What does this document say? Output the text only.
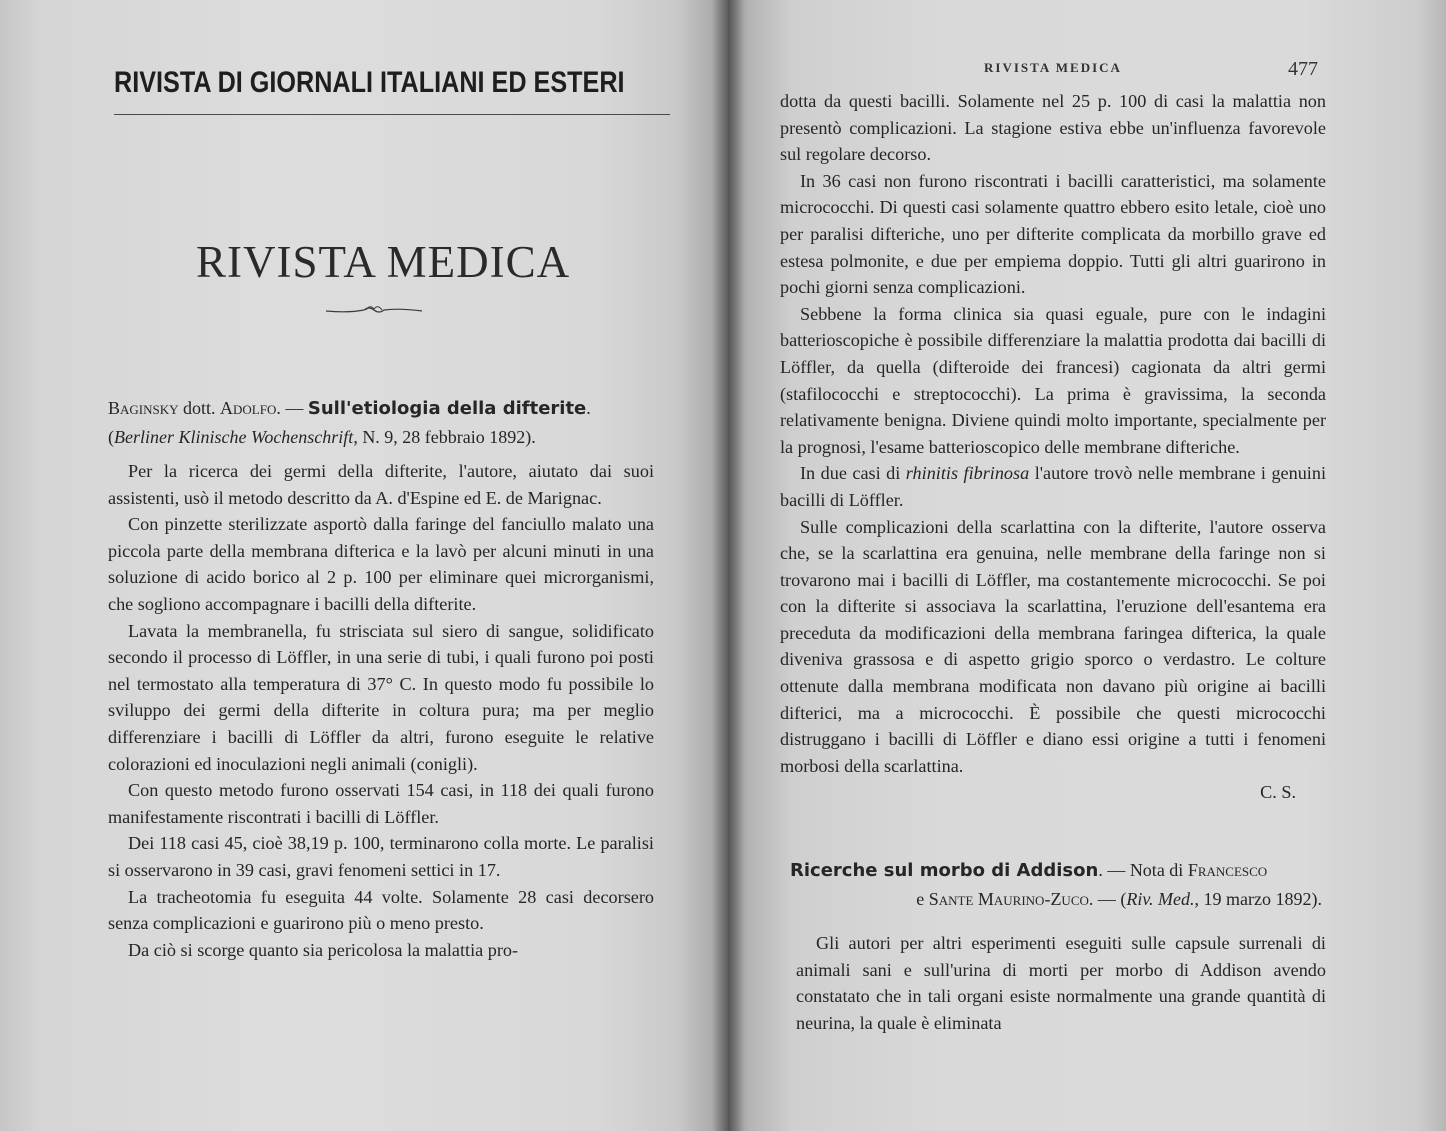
RIVISTA DI GIORNALI ITALIANI ED ESTERI
RIVISTA MEDICA
Baginsky dott. Adolfo. — Sull'etiologia della difterite.
(Berliner Klinische Wochenschrift, N. 9, 28 febbraio 1892).

Per la ricerca dei germi della difterite, l'autore, aiutato dai suoi assistenti, usò il metodo descritto da A. d'Espine ed E. de Marignac.

Con pinzette sterilizzate asportò dalla faringe del fanciullo malato una piccola parte della membrana difterica e la lavò per alcuni minuti in una soluzione di acido borico al 2 p. 100 per eliminare quei microrganismi, che sogliono accompagnare i bacilli della difterite.

Lavata la membranella, fu strisciata sul siero di sangue, solidificato secondo il processo di Löffler, in una serie di tubi, i quali furono poi posti nel termostato alla temperatura di 37° C. In questo modo fu possibile lo sviluppo dei germi della difterite in coltura pura; ma per meglio differenziare i bacilli di Löffler da altri, furono eseguite le relative colorazioni ed inoculazioni negli animali (conigli).

Con questo metodo furono osservati 154 casi, in 118 dei quali furono manifestamente riscontrati i bacilli di Löffler.

Dei 118 casi 45, cioè 38,19 p. 100, terminarono colla morte. Le paralisi si osservarono in 39 casi, gravi fenomeni settici in 17.

La tracheotomia fu eseguita 44 volte. Solamente 28 casi decorsero senza complicazioni e guarirono più o meno presto.

Da ciò si scorge quanto sia pericolosa la malattia pro-

RIVISTA MEDICA	477

dotta da questi bacilli. Solamente nel 25 p. 100 di casi la malattia non presentò complicazioni. La stagione estiva ebbe un'influenza favorevole sul regolare decorso.

In 36 casi non furono riscontrati i bacilli caratteristici, ma solamente micrococchi. Di questi casi solamente quattro ebbero esito letale, cioè uno per paralisi difteriche, uno per difterite complicata da morbillo grave ed estesa polmonite, e due per empiema doppio. Tutti gli altri guarirono in pochi giorni senza complicazioni.

Sebbene la forma clinica sia quasi eguale, pure con le indagini batterioscopiche è possibile differenziare la malattia prodotta dai bacilli di Löffler, da quella (difteroide dei francesi) cagionata da altri germi (stafilococchi e streptococchi). La prima è gravissima, la seconda relativamente benigna. Diviene quindi molto importante, specialmente per la prognosi, l'esame batterioscopico delle membrane difteriche.

In due casi di rhinitis fibrinosa l'autore trovò nelle membrane i genuini bacilli di Löffler.

Sulle complicazioni della scarlattina con la difterite, l'autore osserva che, se la scarlattina era genuina, nelle membrane della faringe non si trovarono mai i bacilli di Löffler, ma costantemente micrococchi. Se poi con la difterite si associava la scarlattina, l'eruzione dell'esantema era preceduta da modificazioni della membrana faringea difterica, la quale diveniva grassosa e di aspetto grigio sporco o verdastro. Le colture ottenute dalla membrana modificata non davano più origine ai bacilli difterici, ma a micrococchi. È possibile che questi micrococchi distruggano i bacilli di Löffler e diano essi origine a tutti i fenomeni morbosi della scarlattina.

C. S.

Ricerche sul morbo di Addison. — Nota di Francesco
e Sante Maurino-Zuco. — (Riv. Med., 19 marzo 1892).

Gli autori per altri esperimenti eseguiti sulle capsule surrenali di animali sani e sull'urina di morti per morbo di Addison avendo constatato che in tali organi esiste normalmente una grande quantità di neurina, la quale è eliminata
